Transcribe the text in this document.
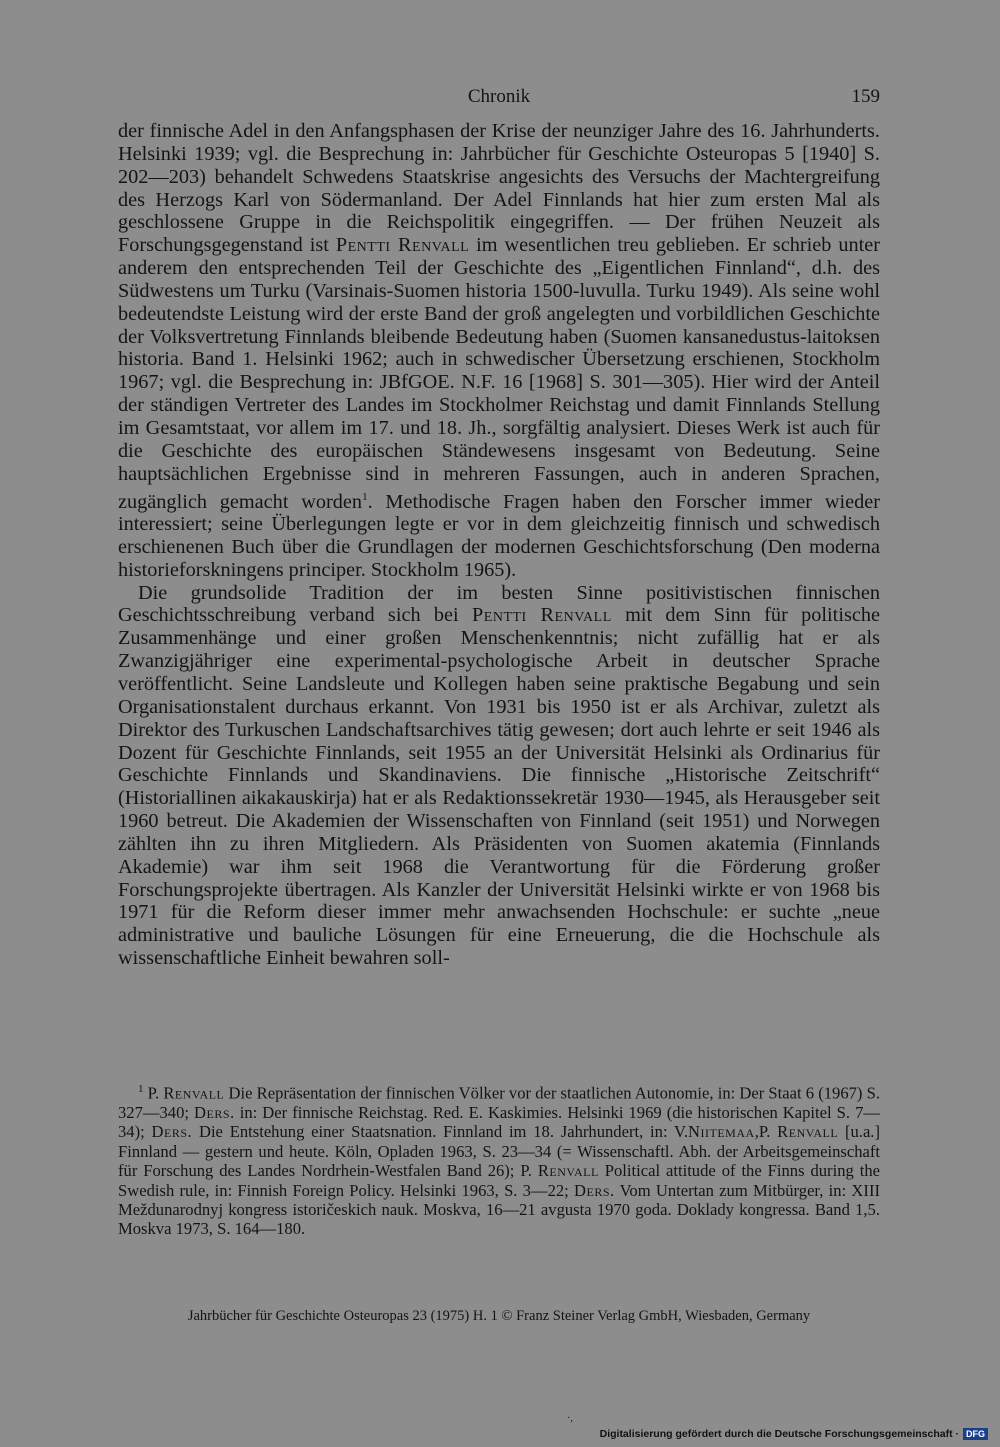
Chronik	159

der finnische Adel in den Anfangsphasen der Krise der neunziger Jahre des 16. Jahrhunderts. Helsinki 1939; vgl. die Besprechung in: Jahrbücher für Geschichte Osteuropas 5 [1940] S. 202—203) behandelt Schwedens Staatskrise angesichts des Versuchs der Machtergreifung des Herzogs Karl von Södermanland. Der Adel Finnlands hat hier zum ersten Mal als geschlossene Gruppe in die Reichspolitik eingegriffen. — Der frühen Neuzeit als Forschungsgegenstand ist Pentti Renvall im wesentlichen treu geblieben. Er schrieb unter anderem den entsprechenden Teil der Geschichte des „Eigentlichen Finnland“, d.h. des Südwestens um Turku (Varsinais-Suomen historia 1500-luvulla. Turku 1949). Als seine wohl bedeutendste Leistung wird der erste Band der groß angelegten und vorbildlichen Geschichte der Volksvertretung Finnlands bleibende Bedeutung haben (Suomen kansanedustus-laitoksen historia. Band 1. Helsinki 1962; auch in schwedischer Übersetzung erschienen, Stockholm 1967; vgl. die Besprechung in: JBfGOE. N.F. 16 [1968] S. 301—305). Hier wird der Anteil der ständigen Vertreter des Landes im Stockholmer Reichstag und damit Finnlands Stellung im Gesamtstaat, vor allem im 17. und 18. Jh., sorgfältig analysiert. Dieses Werk ist auch für die Geschichte des europäischen Ständewesens insgesamt von Bedeutung. Seine hauptsächlichen Ergebnisse sind in mehreren Fassungen, auch in anderen Sprachen, zugänglich gemacht worden$^1$. Methodische Fragen haben den Forscher immer wieder interessiert; seine Überlegungen legte er vor in dem gleichzeitig finnisch und schwedisch erschienenen Buch über die Grundlagen der modernen Geschichtsforschung (Den moderna historieforskningens principer. Stockholm 1965).

Die grundsolide Tradition der im besten Sinne positivistischen finnischen Geschichtsschreibung verband sich bei Pentti Renvall mit dem Sinn für politische Zusammenhänge und einer großen Menschenkenntnis; nicht zufällig hat er als Zwanzigjähriger eine experimental-psychologische Arbeit in deutscher Sprache veröffentlicht. Seine Landsleute und Kollegen haben seine praktische Begabung und sein Organisationstalent durchaus erkannt. Von 1931 bis 1950 ist er als Archivar, zuletzt als Direktor des Turkuschen Landschaftsarchives tätig gewesen; dort auch lehrte er seit 1946 als Dozent für Geschichte Finnlands, seit 1955 an der Universität Helsinki als Ordinarius für Geschichte Finnlands und Skandinaviens. Die finnische „Historische Zeitschrift“ (Historiallinen aikakauskirja) hat er als Redaktionssekretär 1930—1945, als Herausgeber seit 1960 betreut. Die Akademien der Wissenschaften von Finnland (seit 1951) und Norwegen zählten ihn zu ihren Mitgliedern. Als Präsidenten von Suomen akatemia (Finnlands Akademie) war ihm seit 1968 die Verantwortung für die Förderung großer Forschungsprojekte übertragen. Als Kanzler der Universität Helsinki wirkte er von 1968 bis 1971 für die Reform dieser immer mehr anwachsenden Hochschule: er suchte „neue administrative und bauliche Lösungen für eine Erneuerung, die die Hochschule als wissenschaftliche Einheit bewahren soll-

$^1$ P. Renvall Die Repräsentation der finnischen Völker vor der staatlichen Autonomie, in: Der Staat 6 (1967) S. 327—340; Ders. in: Der finnische Reichstag. Red. E. Kaskimies. Helsinki 1969 (die historischen Kapitel S. 7—34); Ders. Die Entstehung einer Staatsnation. Finnland im 18. Jahrhundert, in: V.Niitemaa,P. Renvall [u.a.] Finnland — gestern und heute. Köln, Opladen 1963, S. 23—34 (= Wissenschaftl. Abh. der Arbeitsgemeinschaft für Forschung des Landes Nordrhein-Westfalen Band 26); P. Renvall Political attitude of the Finns during the Swedish rule, in: Finnish Foreign Policy. Helsinki 1963, S. 3—22; Ders. Vom Untertan zum Mitbürger, in: XIII Meždunarodnyj kongress istoričeskich nauk. Moskva, 16—21 avgusta 1970 goda. Doklady kongressa. Band 1,5. Moskva 1973, S. 164—180.

Jahrbücher für Geschichte Osteuropas 23 (1975) H. 1 © Franz Steiner Verlag GmbH, Wiesbaden, Germany
·,
Digitalisierung gefördert durch die Deutsche Forschungsgemeinschaft · DFG
